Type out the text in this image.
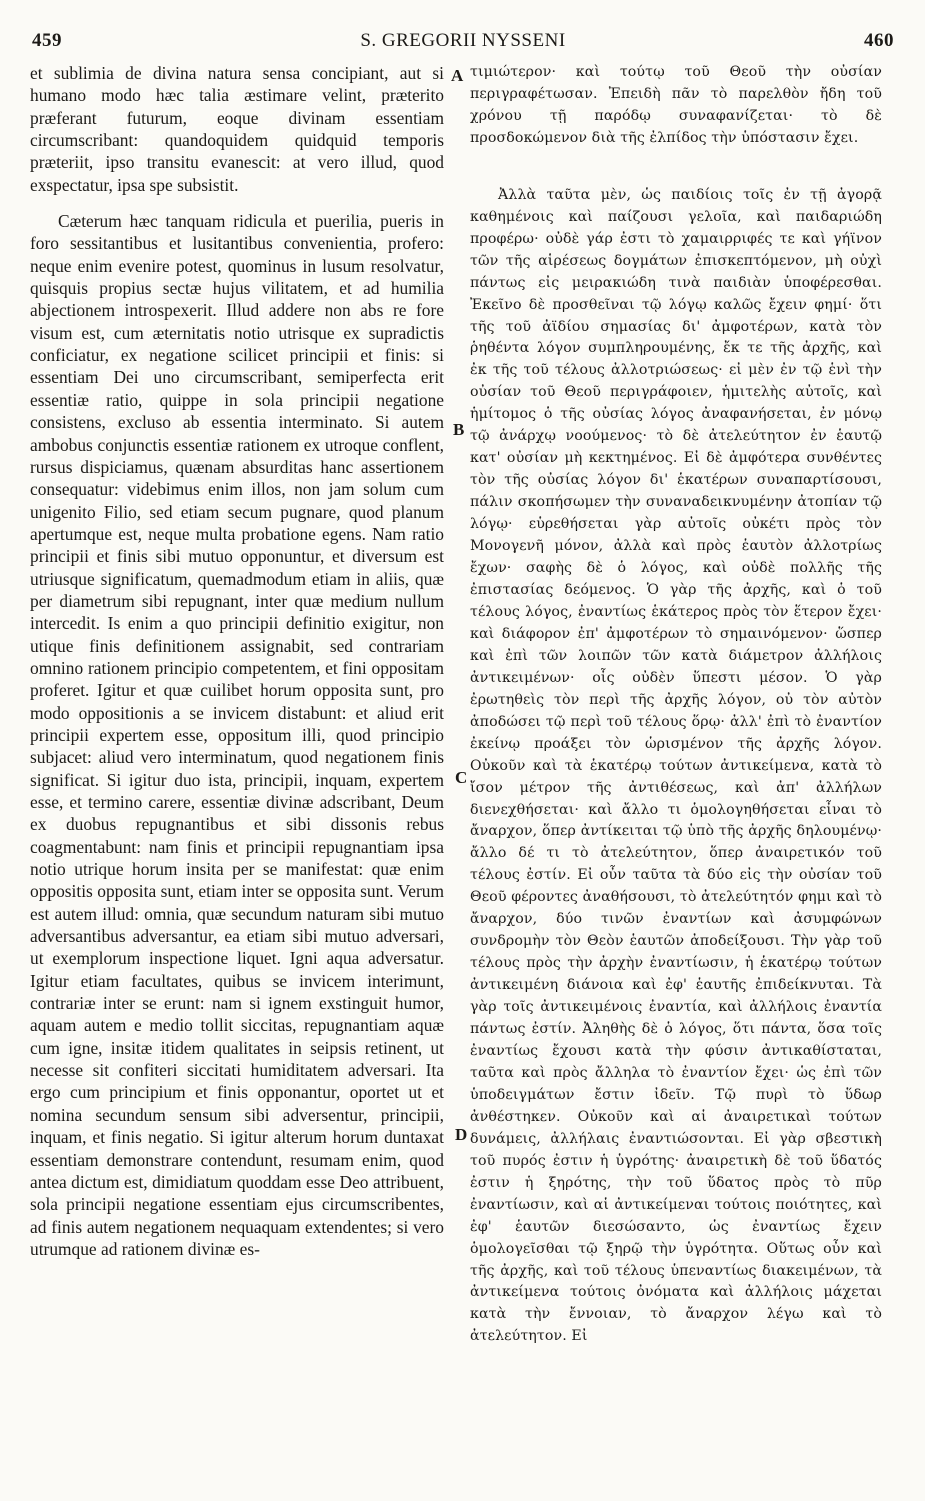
459	S. GREGORII NYSSENI	460

et sublimia de divina natura sensa concipiant, aut si humano modo hæc talia æstimare velint, præterito præferant futurum, eoque divinam essentiam circumscribant: quandoquidem quidquid temporis præteriit, ipso transitu evanescit: at vero illud, quod exspectatur, ipsa spe subsistit.

Cæterum hæc tanquam ridicula et puerilia, pueris in foro sessitantibus et lusitantibus convenientia, profero: neque enim evenire potest, quominus in lusum resolvatur, quisquis propius sectæ hujus vilitatem, et ad humilia abjectionem introspexerit. Illud addere non abs re fore visum est, cum æternitatis notio utrisque ex supradictis conficiatur, ex negatione scilicet principii et finis: si essentiam Dei uno circumscribant, semiperfecta erit essentiæ ratio, quippe in sola principii negatione consistens, excluso ab essentia interminato. Si autem ambobus conjunctis essentiæ rationem ex utroque conflent, rursus dispiciamus, quænam absurditas hanc assertionem consequatur: videbimus enim illos, non jam solum cum unigenito Filio, sed etiam secum pugnare, quod planum apertumque est, neque multa probatione egens. Nam ratio principii et finis sibi mutuo opponuntur, et diversum est utriusque significatum, quemadmodum etiam in aliis, quæ per diametrum sibi repugnant, inter quæ medium nullum intercedit. Is enim a quo principii definitio exigitur, non utique finis definitionem assignabit, sed contrariam omnino rationem principio competentem, et fini oppositam proferet. Igitur et quæ cuilibet horum opposita sunt, pro modo oppositionis a se invicem distabunt: et aliud erit principii expertem esse, oppositum illi, quod principio subjacet: aliud vero interminatum, quod negationem finis significat. Si igitur duo ista, principii, inquam, expertem esse, et termino carere, essentiæ divinæ adscribant, Deum ex duobus repugnantibus et sibi dissonis rebus coagmentabunt: nam finis et principii repugnantiam ipsa notio utrique horum insita per se manifestat: quæ enim oppositis opposita sunt, etiam inter se opposita sunt. Verum est autem illud: omnia, quæ secundum naturam sibi mutuo adversantibus adversantur, ea etiam sibi mutuo adversari, ut exemplorum inspectione liquet. Igni aqua adversatur. Igitur etiam facultates, quibus se invicem interimunt, contrariæ inter se erunt: nam si ignem exstinguit humor, aquam autem e medio tollit siccitas, repugnantiam aquæ cum igne, insitæ itidem qualitates in seipsis retinent, ut necesse sit confiteri siccitati humiditatem adversari. Ita ergo cum principium et finis opponantur, oportet ut et nomina secundum sensum sibi adversentur, principii, inquam, et finis negatio. Si igitur alterum horum duntaxat essentiam demonstrare contendunt, resumam enim, quod antea dictum est, dimidiatum quoddam esse Deo attribuent, sola principii negatione essentiam ejus circumscribentes, ad finis autem negationem nequaquam extendentes; si vero utrumque ad rationem divinæ es-

τιμιώτερον· καὶ τούτῳ τοῦ Θεοῦ τὴν οὐσίαν περιγραφέτωσαν. Ἐπειδὴ πᾶν τὸ παρελθὸν ἤδη τοῦ χρόνου τῇ παρόδῳ συναφανίζεται· τὸ δὲ προσδοκώμενον διὰ τῆς ἐλπίδος τὴν ὑπόστασιν ἔχει.

Ἀλλὰ ταῦτα μὲν, ὡς παιδίοις τοῖς ἐν τῇ ἀγορᾷ καθημένοις καὶ παίζουσι γελοῖα, καὶ παιδαριώδη προφέρω· οὐδὲ γάρ ἐστι τὸ χαμαιρριφές τε καὶ γήϊνον τῶν τῆς αἱρέσεως δογμάτων ἐπισκεπτόμενον, μὴ οὐχὶ πάντως εἰς μειρακιώδη τινὰ παιδιὰν ὑποφέρεσθαι. Ἐκεῖνο δὲ προσθεῖναι τῷ λόγῳ καλῶς ἔχειν φημί· ὅτι τῆς τοῦ ἀϊδίου σημασίας δι' ἀμφοτέρων, κατὰ τὸν ῥηθέντα λόγον συμπληρουμένης, ἔκ τε τῆς ἀρχῆς, καὶ ἐκ τῆς τοῦ τέλους ἀλλοτριώσεως· εἰ μὲν ἐν τῷ ἑνὶ τὴν οὐσίαν τοῦ Θεοῦ περιγράφοιεν, ἡμιτελὴς αὐτοῖς, καὶ ἡμίτομος ὁ τῆς οὐσίας λόγος ἀναφανήσεται, ἐν μόνῳ τῷ ἀνάρχῳ νοούμενος· τὸ δὲ ἀτελεύτητον ἐν ἑαυτῷ κατ' οὐσίαν μὴ κεκτημένος. Εἰ δὲ ἀμφότερα συνθέντες τὸν τῆς οὐσίας λόγον δι' ἑκατέρων συναπαρτίσουσι, πάλιν σκοπήσωμεν τὴν συναναδεικνυμένην ἀτοπίαν τῷ λόγῳ· εὑρεθήσεται γὰρ αὐτοῖς οὐκέτι πρὸς τὸν Μονογενῆ μόνον, ἀλλὰ καὶ πρὸς ἑαυτὸν ἀλλοτρίως ἔχων· σαφὴς δὲ ὁ λόγος, καὶ οὐδὲ πολλῆς τῆς ἐπιστασίας δεόμενος. Ὁ γὰρ τῆς ἀρχῆς, καὶ ὁ τοῦ τέλους λόγος, ἐναντίως ἑκάτερος πρὸς τὸν ἕτερον ἔχει· καὶ διάφορον ἐπ' ἀμφοτέρων τὸ σημαινόμενον· ὥσπερ καὶ ἐπὶ τῶν λοιπῶν τῶν κατὰ διάμετρον ἀλλήλοις ἀντικειμένων· οἷς οὐδὲν ὕπεστι μέσον. Ὁ γὰρ ἐρωτηθεὶς τὸν περὶ τῆς ἀρχῆς λόγον, οὐ τὸν αὐτὸν ἀποδώσει τῷ περὶ τοῦ τέλους ὅρῳ· ἀλλ' ἐπὶ τὸ ἐναντίον ἐκείνῳ προάξει τὸν ὡρισμένον τῆς ἀρχῆς λόγον. Οὐκοῦν καὶ τὰ ἑκατέρῳ τούτων ἀντικείμενα, κατὰ τὸ ἴσον μέτρον τῆς ἀντιθέσεως, καὶ ἀπ' ἀλλήλων διενεχθήσεται· καὶ ἄλλο τι ὁμολογηθήσεται εἶναι τὸ ἄναρχον, ὅπερ ἀντίκειται τῷ ὑπὸ τῆς ἀρχῆς δηλουμένῳ· ἄλλο δέ τι τὸ ἀτελεύτητον, ὅπερ ἀναιρετικόν τοῦ τέλους ἐστίν. Εἰ οὖν ταῦτα τὰ δύο εἰς τὴν οὐσίαν τοῦ Θεοῦ φέροντες ἀναθήσουσι, τὸ ἀτελεύτητόν φημι καὶ τὸ ἄναρχον, δύο τινῶν ἐναντίων καὶ ἀσυμφώνων συνδρομὴν τὸν Θεὸν ἑαυτῶν ἀποδείξουσι. Τὴν γὰρ τοῦ τέλους πρὸς τὴν ἀρχὴν ἐναντίωσιν, ἡ ἑκατέρῳ τούτων ἀντικειμένη διάνοια καὶ ἐφ' ἑαυτῆς ἐπιδείκνυται. Τὰ γὰρ τοῖς ἀντικειμένοις ἐναντία, καὶ ἀλλήλοις ἐναντία πάντως ἐστίν. Ἀληθὴς δὲ ὁ λόγος, ὅτι πάντα, ὅσα τοῖς ἐναντίως ἔχουσι κατὰ τὴν φύσιν ἀντικαθίσταται, ταῦτα καὶ πρὸς ἄλληλα τὸ ἐναντίον ἔχει· ὡς ἐπὶ τῶν ὑποδειγμάτων ἔστιν ἰδεῖν. Τῷ πυρὶ τὸ ὕδωρ ἀνθέστηκεν. Οὐκοῦν καὶ αἱ ἀναιρετικαὶ τούτων δυνάμεις, ἀλλήλαις ἐναντιώσονται. Εἰ γὰρ σβεστικὴ τοῦ πυρός ἐστιν ἡ ὑγρότης· ἀναιρετικὴ δὲ τοῦ ὕδατός ἐστιν ἡ ξηρότης, τὴν τοῦ ὕδατος πρὸς τὸ πῦρ ἐναντίωσιν, καὶ αἱ ἀντικείμεναι τούτοις ποιότητες, καὶ ἐφ' ἑαυτῶν διεσώσαντο, ὡς ἐναντίως ἔχειν ὁμολογεῖσθαι τῷ ξηρῷ τὴν ὑγρότητα. Οὕτως οὖν καὶ τῆς ἀρχῆς, καὶ τοῦ τέλους ὑπεναντίως διακειμένων, τὰ ἀντικείμενα τούτοις ὀνόματα καὶ ἀλλήλοις μάχεται κατὰ τὴν ἔννοιαν, τὸ ἄναρχον λέγω καὶ τὸ ἀτελεύτητον. Εἰ

A
B
C
D
